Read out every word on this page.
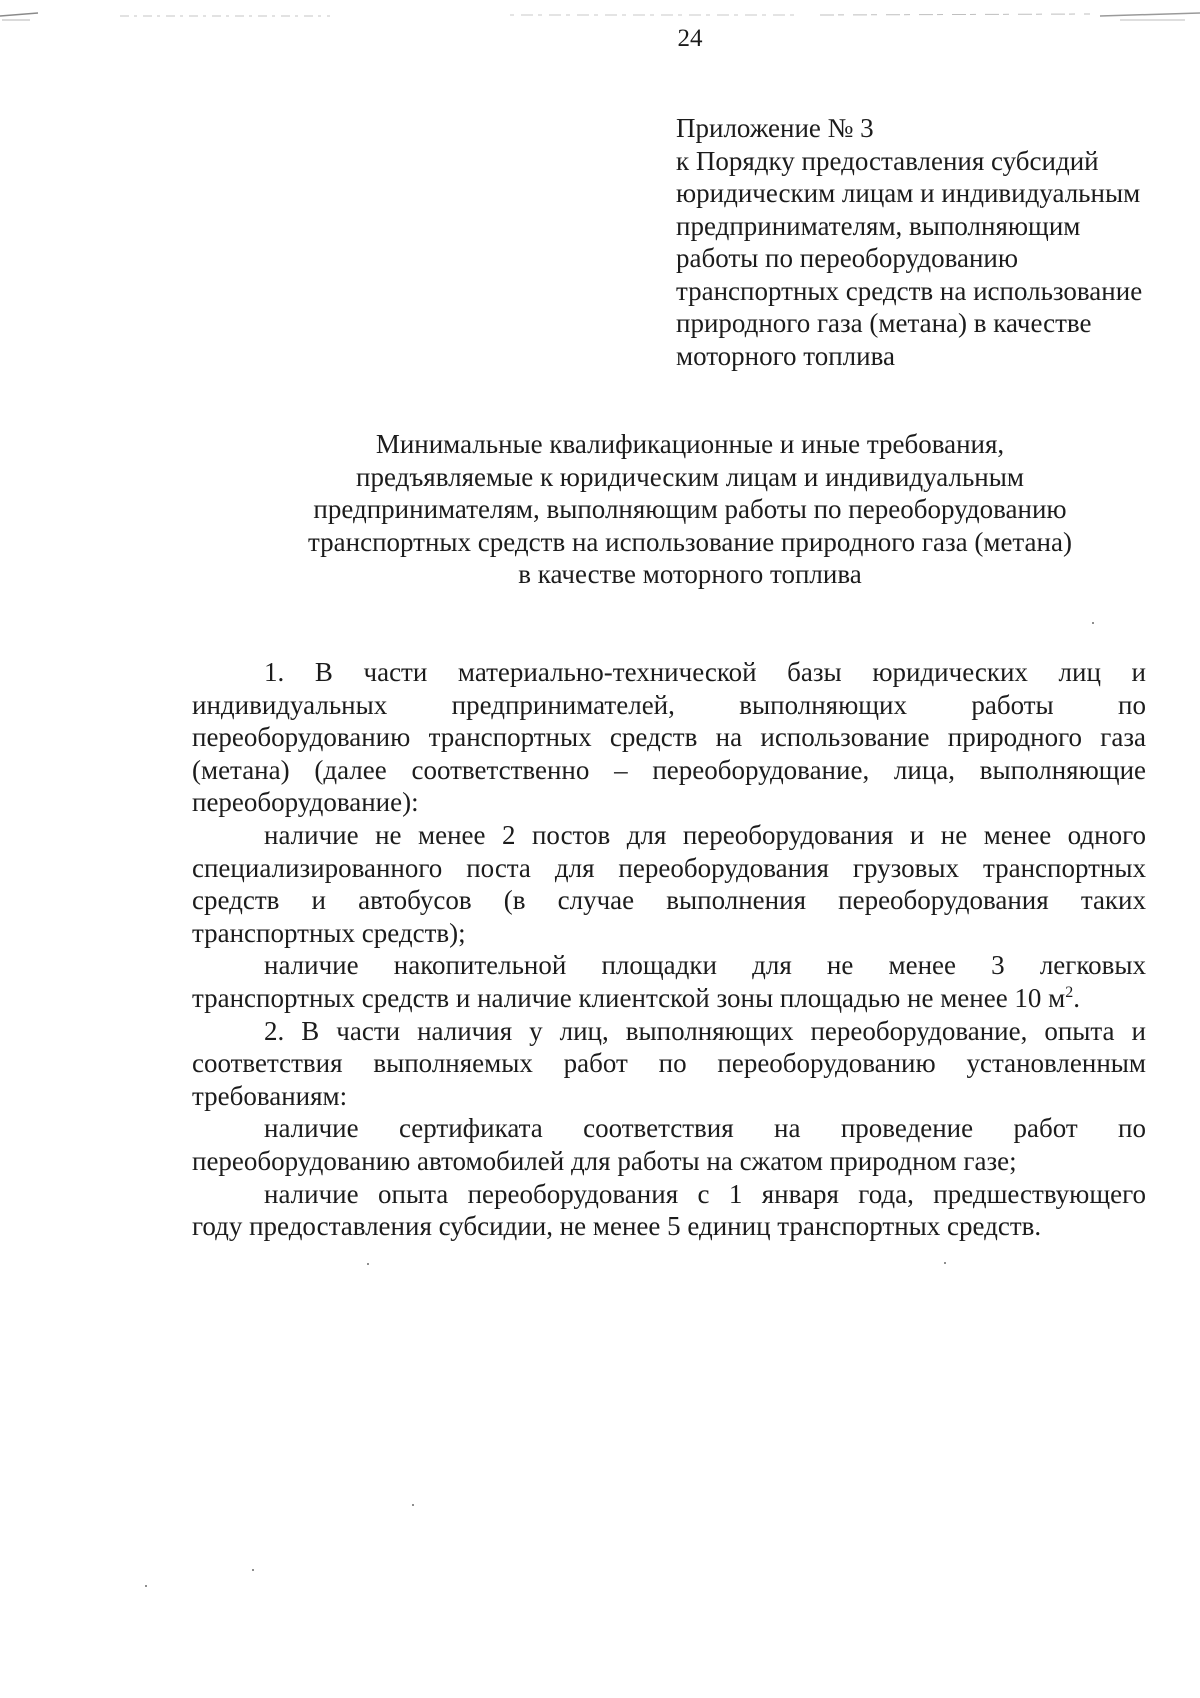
24
Приложение № 3
к Порядку предоставления субсидий
юридическим лицам и индивидуальным
предпринимателям, выполняющим
работы по переоборудованию
транспортных средств на использование
природного газа (метана) в качестве
моторного топлива
Минимальные квалификационные и иные требования,
предъявляемые к юридическим лицам и индивидуальным
предпринимателям, выполняющим работы по переоборудованию
транспортных средств на использование природного газа (метана)
в качестве моторного топлива
1. В части материально-технической базы юридических лиц и
индивидуальных предпринимателей, выполняющих работы по
переоборудованию транспортных средств на использование природного газа
(метана) (далее соответственно – переоборудование, лица, выполняющие
переоборудование):
наличие не менее 2 постов для переоборудования и не менее одного
специализированного поста для переоборудования грузовых транспортных
средств и автобусов (в случае выполнения переоборудования таких
транспортных средств);
наличие накопительной площадки для не менее 3 легковых
транспортных средств и наличие клиентской зоны площадью не менее 10 $м^2$.
2. В части наличия у лиц, выполняющих переоборудование, опыта и
соответствия выполняемых работ по переоборудованию установленным
требованиям:
наличие сертификата соответствия на проведение работ по
переоборудованию автомобилей для работы на сжатом природном газе;
наличие опыта переоборудования с 1 января года, предшествующего
году предоставления субсидии, не менее 5 единиц транспортных средств.
